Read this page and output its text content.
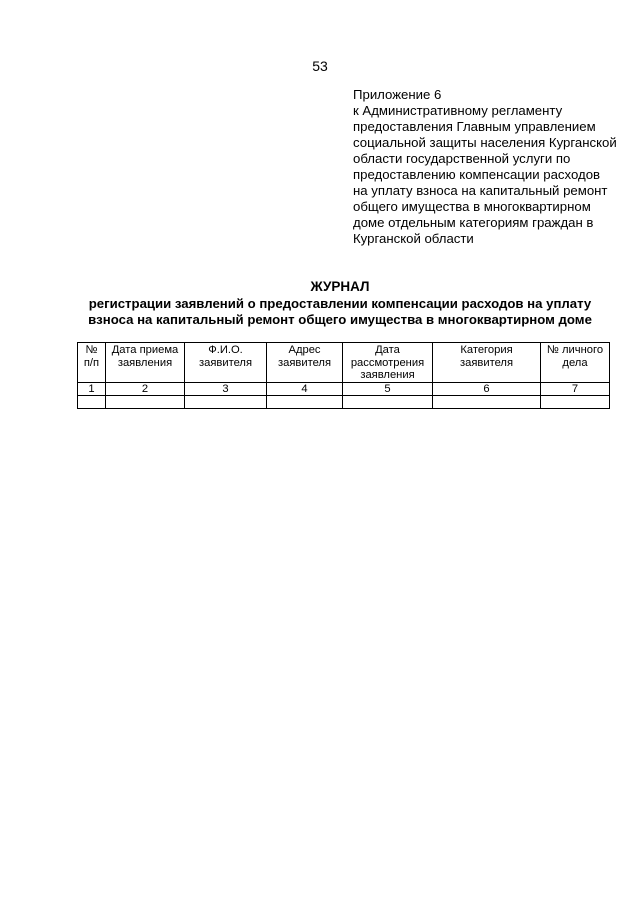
53
Приложение 6
к Административному регламенту
предоставления Главным управлением
социальной защиты населения Курганской
области государственной услуги по
предоставлению компенсации расходов
на уплату взноса на капитальный ремонт
общего имущества в многоквартирном
доме отдельным категориям граждан в
Курганской области
ЖУРНАЛ
регистрации заявлений о предоставлении компенсации расходов на уплату
взноса на капитальный ремонт общего имущества в многоквартирном доме
№ п/п	Дата приема заявления	Ф.И.О. заявителя	Адрес заявителя	Дата рассмотрения заявления	Категория заявителя	№ личного дела
1	2	3	4	5	6	7
